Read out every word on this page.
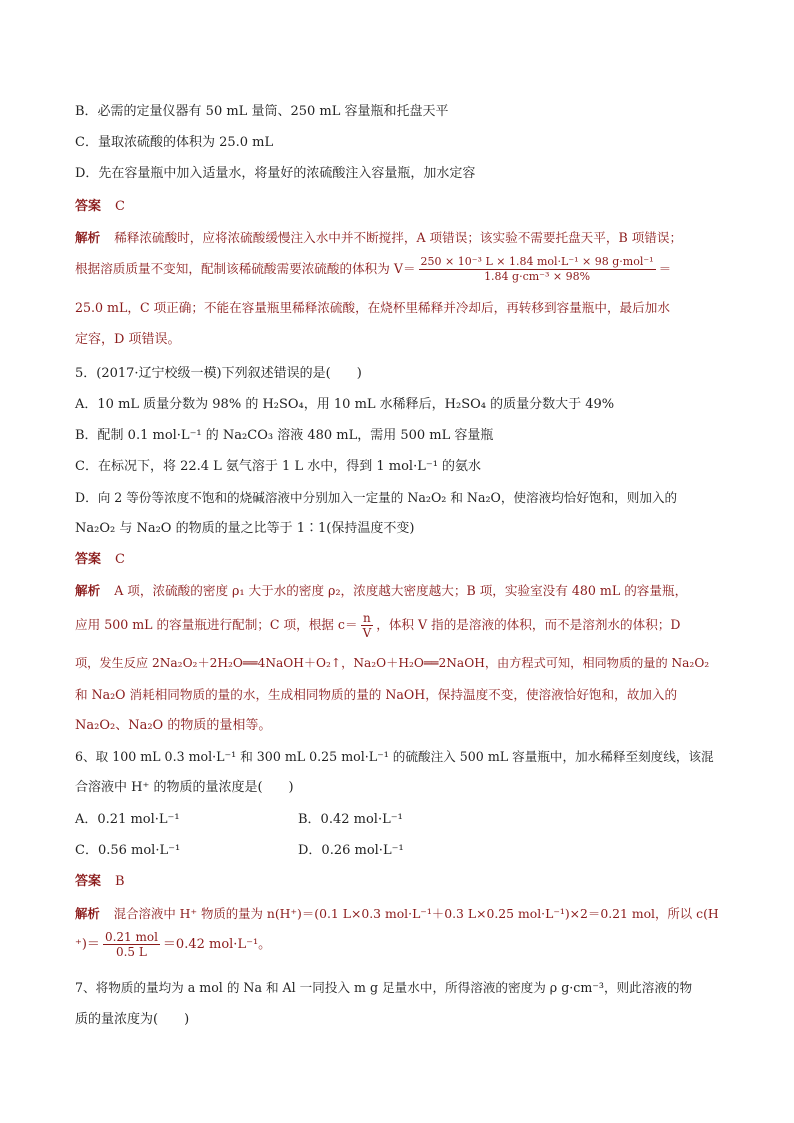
B．必需的定量仪器有 50 mL 量筒、250 mL 容量瓶和托盘天平
C．量取浓硫酸的体积为 25.0 mL
D．先在容量瓶中加入适量水，将量好的浓硫酸注入容量瓶，加水定容
答案 C
解析 稀释浓硫酸时，应将浓硫酸缓慢注入水中并不断搅拌，A 项错误；该实验不需要托盘天平，B 项错误；
根据溶质质量不变知，配制该稀硫酸需要浓硫酸的体积为 $V= \frac{\text{250 × 10⁻³ L × 1.84 mol·L⁻¹ × 98 g·mol⁻¹}}{\text{1.84 g·cm⁻³ × 98\%}}$ ＝
25.0 mL，C 项正确；不能在容量瓶里稀释浓硫酸，在烧杯里稀释并冷却后，再转移到容量瓶中，最后加水
定容，D 项错误。
5．(2017·辽宁校级一模)下列叙述错误的是(　　)
A．10 mL 质量分数为 98% 的 H₂SO₄，用 10 mL 水稀释后，H₂SO₄ 的质量分数大于 49%
B．配制 0.1 mol·L⁻¹ 的 Na₂CO₃ 溶液 480 mL，需用 500 mL 容量瓶
C．在标况下，将 22.4 L 氨气溶于 1 L 水中，得到 1 mol·L⁻¹ 的氨水
D．向 2 等份等浓度不饱和的烧碱溶液中分别加入一定量的 Na₂O₂ 和 Na₂O，使溶液均恰好饱和，则加入的
Na₂O₂ 与 Na₂O 的物质的量之比等于 1∶1(保持温度不变)
答案 C
解析 A 项，浓硫酸的密度 ρ₁ 大于水的密度 ρ₂，浓度越大密度越大；B 项，实验室没有 480 mL 的容量瓶，
应用 500 mL 的容量瓶进行配制；C 项，根据 $c= \frac{n}{V}$ ，体积 V 指的是溶液的体积，而不是溶剂水的体积；D
项，发生反应 2Na₂O₂＋2H₂O══4NaOH＋O₂↑，Na₂O＋H₂O══2NaOH，由方程式可知，相同物质的量的 Na₂O₂
和 Na₂O 消耗相同物质的量的水，生成相同物质的量的 NaOH，保持温度不变，使溶液恰好饱和，故加入的
Na₂O₂、Na₂O 的物质的量相等。
6、取 100 mL 0.3 mol·L⁻¹ 和 300 mL 0.25 mol·L⁻¹ 的硫酸注入 500 mL 容量瓶中，加水稀释至刻度线，该混
合溶液中 H⁺ 的物质的量浓度是(　　)
A．0.21 mol·L⁻¹	B．0.42 mol·L⁻¹
C．0.56 mol·L⁻¹	D．0.26 mol·L⁻¹
答案 B
解析 混合溶液中 H⁺ 物质的量为 n(H⁺)＝(0.1 L×0.3 mol·L⁻¹＋0.3 L×0.25 mol·L⁻¹)×2＝0.21 mol，所以 c(H
⁺)＝ $\frac{\text{0.21 mol}}{0.5 L} =0.42$ mol·L⁻¹。
7、将物质的量均为 a mol 的 Na 和 Al 一同投入 m g 足量水中，所得溶液的密度为 ρ g·cm⁻³，则此溶液的物
质的量浓度为(　　)
